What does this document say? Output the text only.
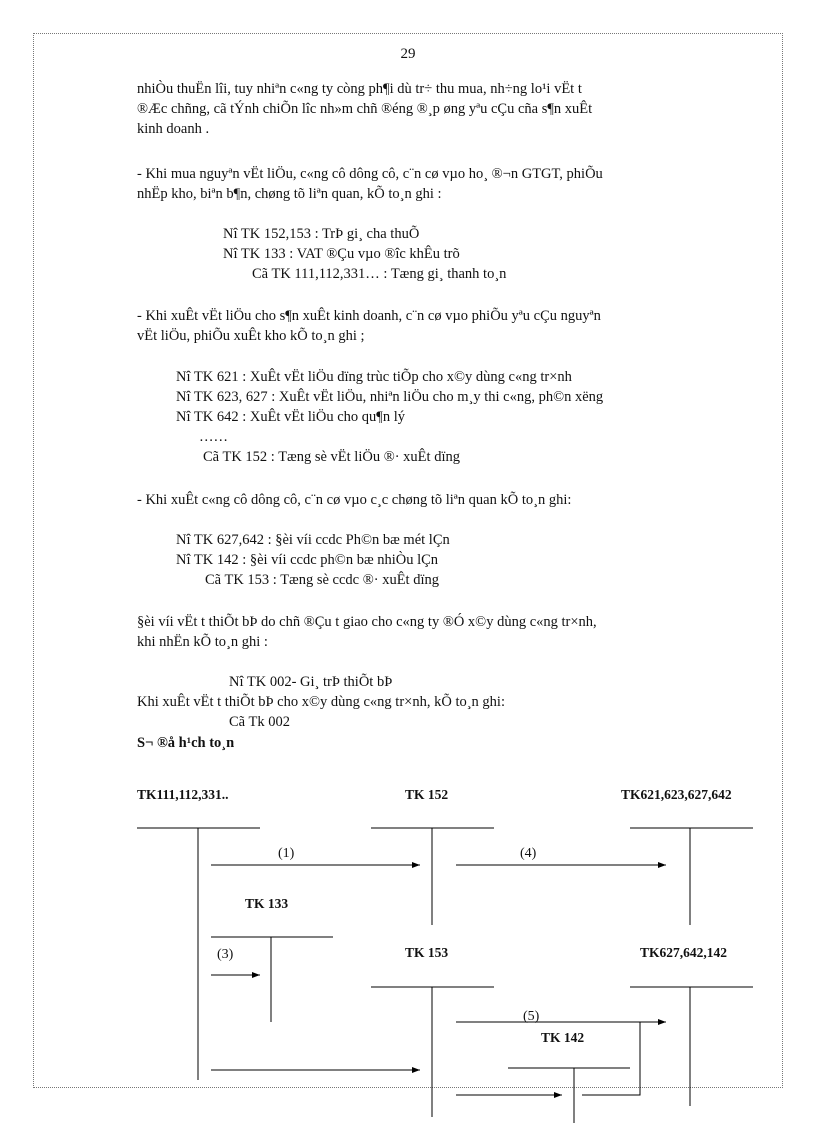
29
nhiÒu thuËn lîi, tuy nhiªn c«ng ty còng ph¶i dù tr÷ thu mua, nh÷ng lo¹i vËt t
®Æc chñng, cã tÝnh chiÕn lîc nh»m chñ ®éng ®¸p øng yªu cÇu cña s¶n xuÊt
kinh doanh .
- Khi mua nguyªn vËt liÖu, c«ng cô dông cô, c¨n cø vµo ho¸ ®¬n GTGT, phiÕu
nhËp kho, biªn b¶n, chøng tõ liªn quan, kÕ to¸n ghi :
Nî TK 152,153 : TrÞ gi¸ cha thuÕ
Nî TK 133 : VAT ®Çu vµo ®îc khÊu trõ
Cã TK 111,112,331… : Tæng gi¸ thanh to¸n
- Khi xuÊt vËt liÖu cho s¶n xuÊt kinh doanh, c¨n cø vµo phiÕu yªu cÇu nguyªn
vËt liÖu, phiÕu xuÊt kho kÕ to¸n ghi ;
Nî TK 621 : XuÊt vËt liÖu dïng trùc tiÕp cho x©y dùng c«ng tr×nh
Nî TK 623, 627 : XuÊt vËt liÖu, nhiªn liÖu cho m¸y thi c«ng, ph©n xëng
Nî TK 642 : XuÊt vËt liÖu cho qu¶n lý
……
Cã TK 152 : Tæng sè vËt liÖu ®· xuÊt dïng
- Khi xuÊt c«ng cô dông cô, c¨n cø vµo c¸c chøng tõ liªn quan kÕ to¸n ghi:
Nî TK 627,642 : §èi víi ccdc Ph©n bæ mét lÇn
Nî TK 142 : §èi víi ccdc ph©n bæ nhiÒu lÇn
Cã TK 153 : Tæng sè ccdc ®· xuÊt dïng
§èi víi vËt t thiÕt bÞ do chñ ®Çu t giao cho c«ng ty ®Ó x©y dùng c«ng tr×nh,
khi nhËn kÕ to¸n ghi :
Nî TK 002- Gi¸ trÞ thiÕt bÞ
Khi xuÊt vËt t thiÕt bÞ cho x©y dùng c«ng tr×nh, kÕ to¸n ghi:
Cã Tk 002
S¬ ®å h¹ch to¸n
TK111,112,331..	TK 152	TK621,623,627,642
TK 133
TK 153	TK627,642,142
TK 142
(1)	(4)
(3)
(5)
